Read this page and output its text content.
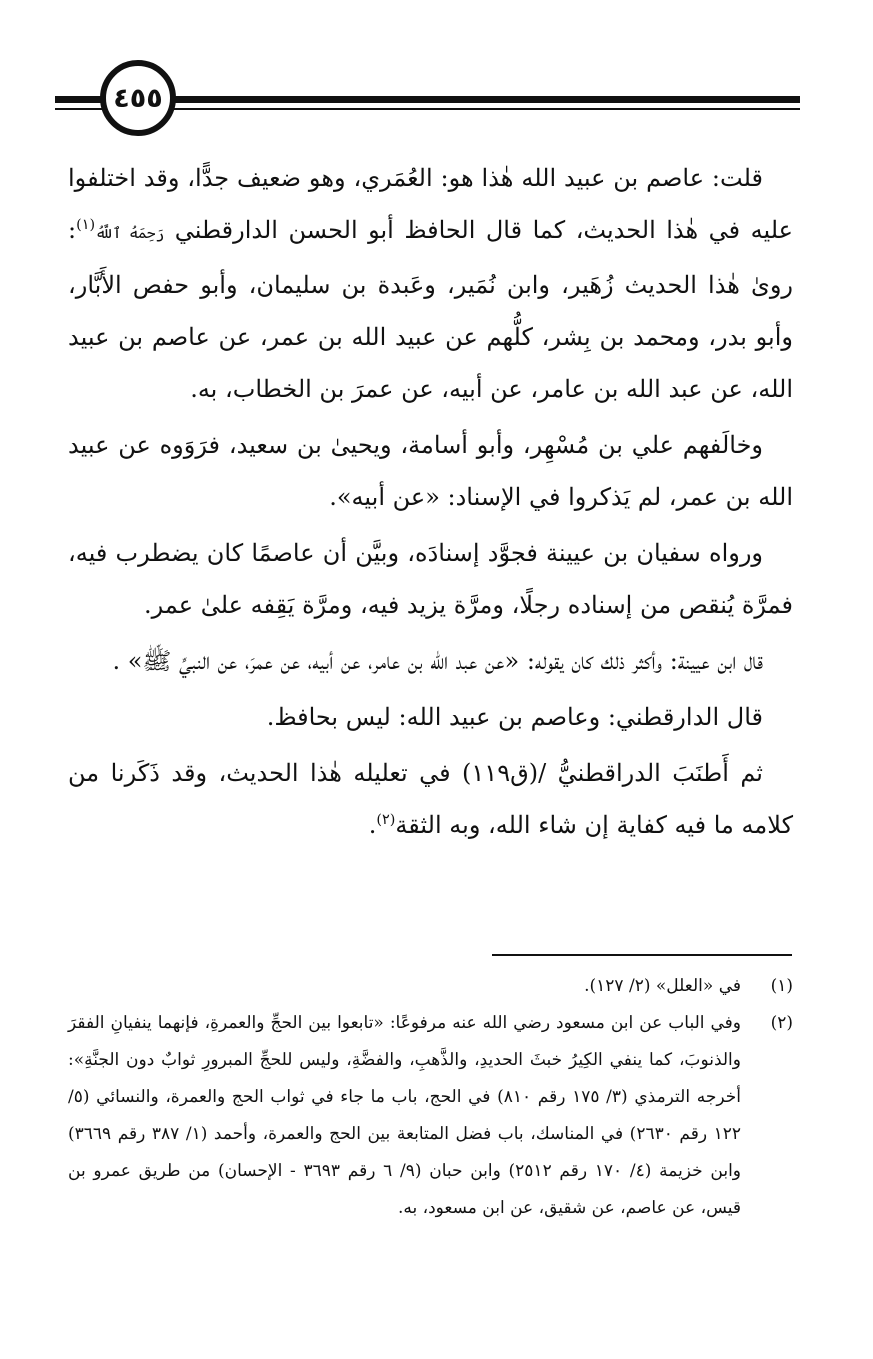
٤٥٥

قلت: عاصم بن عبيد الله هٰذا هو: العُمَري، وهو ضعيف جدًّا، وقد اختلفوا عليه في هٰذا الحديث، كما قال الحافظ أبو الحسن الدارقطني رَحِمَهُ ٱللَّهُ$^{(١)}$: روىٰ هٰذا الحديث زُهَير، وابن نُمَير، وعَبدة بن سليمان، وأبو حفص الأَبَّار، وأبو بدر، ومحمد بن بِشر، كلُّهم عن عبيد الله بن عمر، عن عاصم بن عبيد الله، عن عبد الله بن عامر، عن أبيه، عن عمرَ بن الخطاب، به.

وخالَفهم علي بن مُسْهِر، وأبو أسامة، ويحيىٰ بن سعيد، فرَوَوه عن عبيد الله بن عمر، لم يَذكروا في الإسناد: «عن أبيه».

ورواه سفيان بن عيينة فجوَّد إسنادَه، وبيَّن أن عاصمًا كان يضطرب فيه، فمرَّة يُنقص من إسناده رجلًا، ومرَّة يزيد فيه، ومرَّة يَقِفه علىٰ عمر.

قال ابن عيينة: وأكثر ذلك كان يقوله: «عن عبد الله بن عامر، عن أبيه، عن عمرَ، عن النبيِّ ﷺ» .

قال الدارقطني: وعاصم بن عبيد الله: ليس بحافظ.

ثم أَطنَبَ الدراقطنيُّ /(ق١١٩) في تعليله هٰذا الحديث، وقد ذَكَرنا من كلامه ما فيه كفاية إن شاء الله، وبه الثقة$^{(٢)}$.

(١)
في «العلل» (٢/ ١٢٧).
(٢)
وفي الباب عن ابن مسعود رضي الله عنه مرفوعًا: «تابعوا بين الحجِّ والعمرةِ، فإنهما ينفيانِ الفقرَ والذنوبَ، كما ينفي الكِيرُ خبثَ الحديدِ، والذَّهبِ، والفضَّةِ، وليس للحجِّ المبرورِ ثوابٌ دون الجنَّةِ»: أخرجه الترمذي (٣/ ١٧٥ رقم ٨١٠) في الحج، باب ما جاء في ثواب الحج والعمرة، والنسائي (٥/ ١٢٢ رقم ٢٦٣٠) في المناسك، باب فضل المتابعة بين الحج والعمرة، وأحمد (١/ ٣٨٧ رقم ٣٦٦٩) وابن خزيمة (٤/ ١٧٠ رقم ٢٥١٢) وابن حبان (٩/ ٦ رقم ٣٦٩٣ - الإحسان) من طريق عمرو بن قيس، عن عاصم، عن شقيق، عن ابن مسعود، به.
